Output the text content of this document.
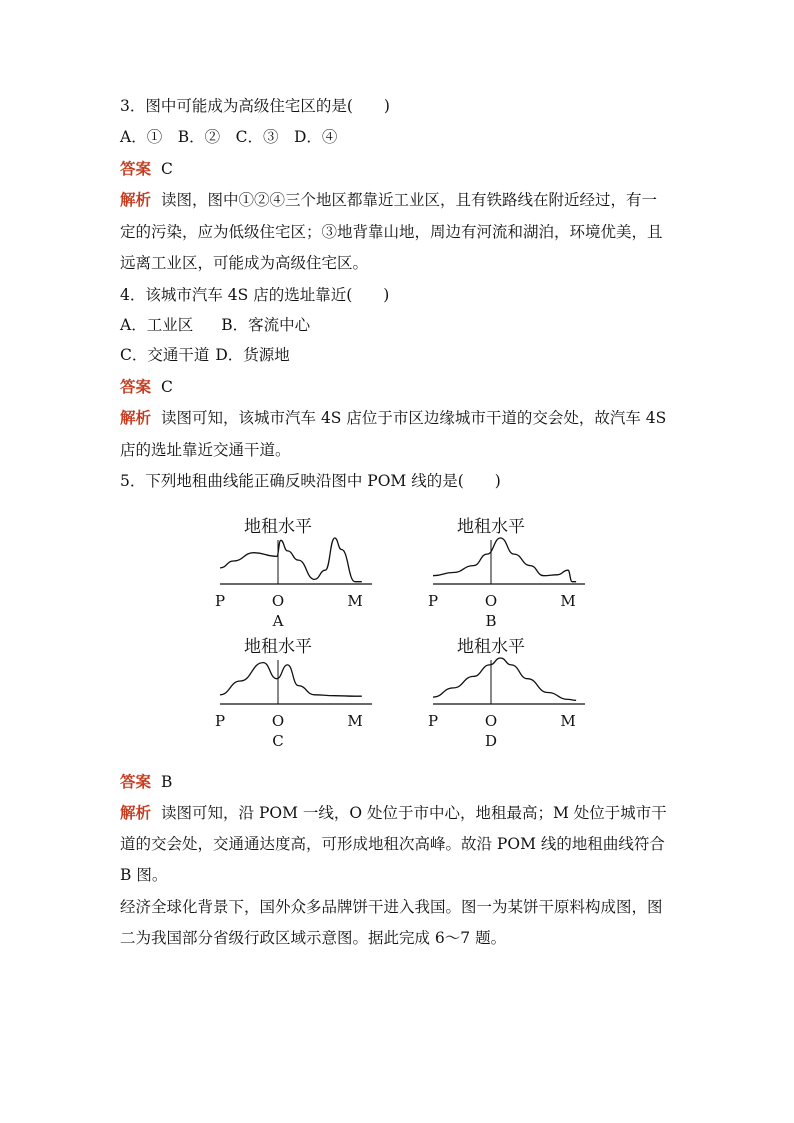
3．图中可能成为高级住宅区的是(　　)
A．①　B．②　C．③　D．④
答案 C
解析 读图，图中①②④三个地区都靠近工业区，且有铁路线在附近经过，有一
定的污染，应为低级住宅区；③地背靠山地，周边有河流和湖泊，环境优美，且
远离工业区，可能成为高级住宅区。
4．该城市汽车 4S 店的选址靠近(　　)
A．工业区 B．客流中心
C．交通干道 D．货源地
答案 C
解析 读图可知，该城市汽车 4S 店位于市区边缘城市干道的交会处，故汽车 4S
店的选址靠近交通干道。
5．下列地租曲线能正确反映沿图中 POM 线的是(　　)
地租水平
P	O	M
A
地租水平
P	O	M
B
地租水平
P	O	M
C
地租水平
P	O	M
D
答案 B
解析 读图可知，沿 POM 一线，O 处位于市中心，地租最高；M 处位于城市干
道的交会处，交通通达度高，可形成地租次高峰。故沿 POM 线的地租曲线符合
B 图。
经济全球化背景下，国外众多品牌饼干进入我国。图一为某饼干原料构成图，图
二为我国部分省级行政区域示意图。据此完成 6～7 题。
